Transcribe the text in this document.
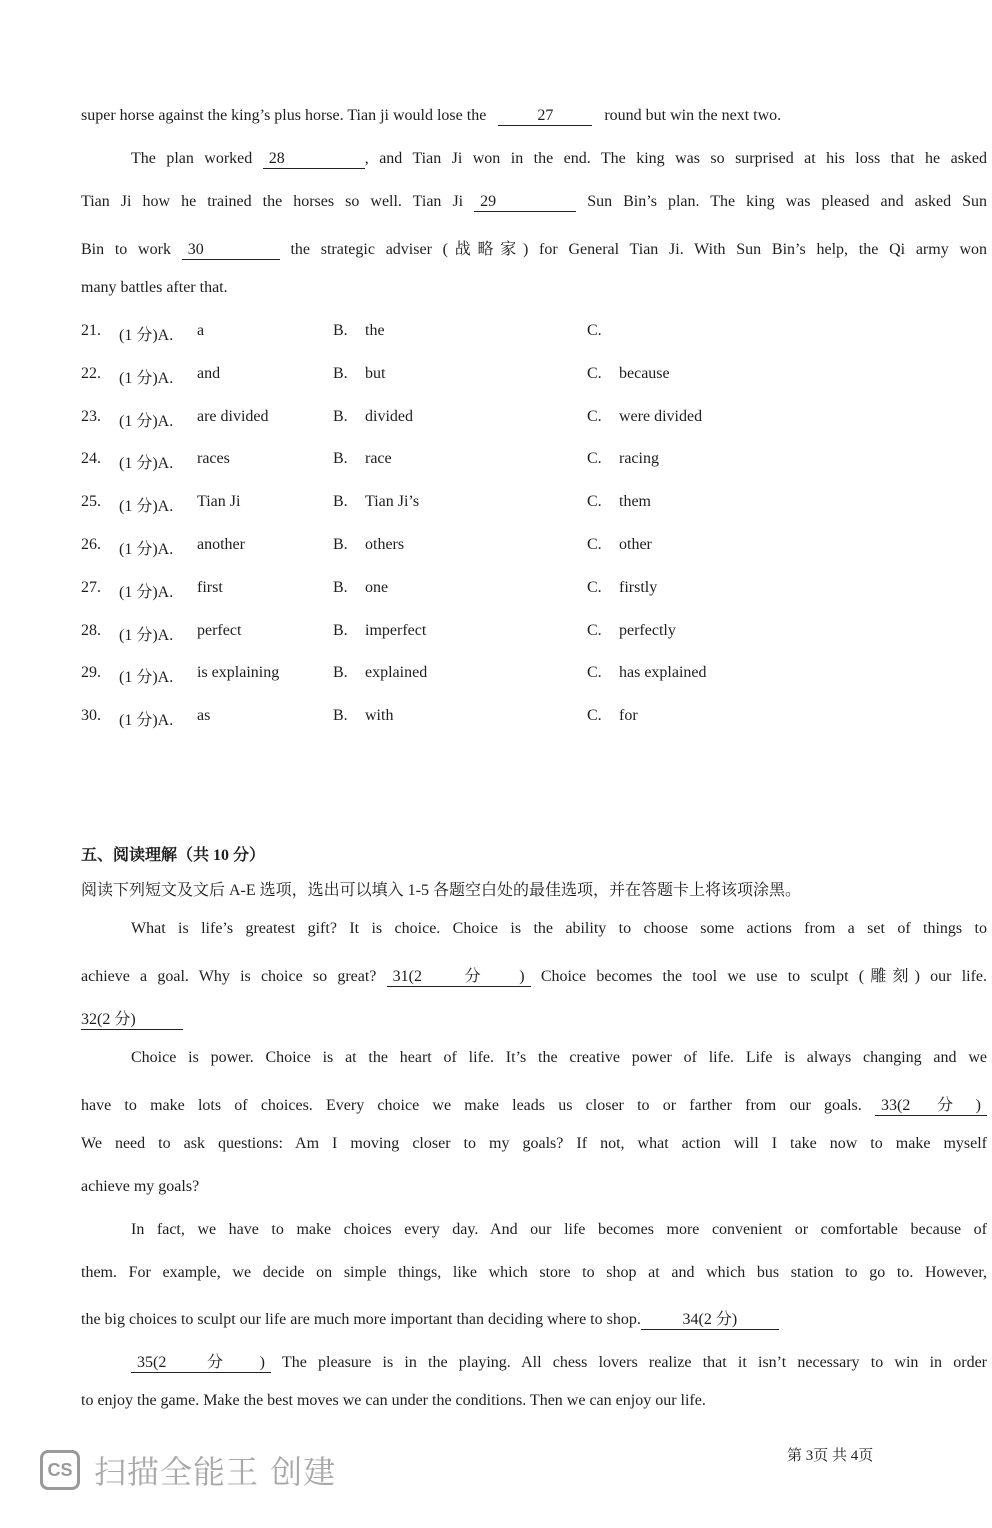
super horse against the king’s plus horse. Tian ji would lose the	27	round but win the next two.
The plan worked 28	, and Tian Ji won in the end. The king was so surprised at his loss that he asked
Tian Ji how he trained the horses so well. Tian Ji 29	Sun Bin’s plan. The king was pleased and asked Sun
Bin to work 30	the strategic adviser (战略家) for General Tian Ji. With Sun Bin’s help, the Qi army won
many battles after that.
21. (1 分)A. a	B. the	C.
22. (1 分)A. and	B. but	C. because
23. (1 分)A. are divided	B. divided	C. were divided
24. (1 分)A. races	B. race	C. racing
25. (1 分)A. Tian Ji	B. Tian Ji’s	C. them
26. (1 分)A. another	B. others	C. other
27. (1 分)A. first	B. one	C. firstly
28. (1 分)A. perfect	B. imperfect	C. perfectly
29. (1 分)A. is explaining	B. explained	C. has explained
30. (1 分)A. as	B. with	C. for
五、阅读理解（共 10 分）
阅读下列短文及文后 A-E 选项，选出可以填入 1-5 各题空白处的最佳选项，并在答题卡上将该项涂黑。
What is life’s greatest gift? It is choice. Choice is the ability to choose some actions from a set of things to
achieve a goal. Why is choice so great? 31(2 分) Choice becomes the tool we use to sculpt (雕刻) our life.
32(2 分)
Choice is power. Choice is at the heart of life. It’s the creative power of life. Life is always changing and we
have to make lots of choices. Every choice we make leads us closer to or farther from our goals. 33(2 分)
We need to ask questions: Am I moving closer to my goals? If not, what action will I take now to make myself
achieve my goals?
In fact, we have to make choices every day. And our life becomes more convenient or comfortable because of
them. For example, we decide on simple things, like which store to shop at and which bus station to go to. However,
the big choices to sculpt our life are much more important than deciding where to shop.	34(2 分)
35(2 分) The pleasure is in the playing. All chess lovers realize that it isn’t necessary to win in order
to enjoy the game. Make the best moves we can under the conditions. Then we can enjoy our life.
第 3页 共 4页
CS 扫描全能王 创建
